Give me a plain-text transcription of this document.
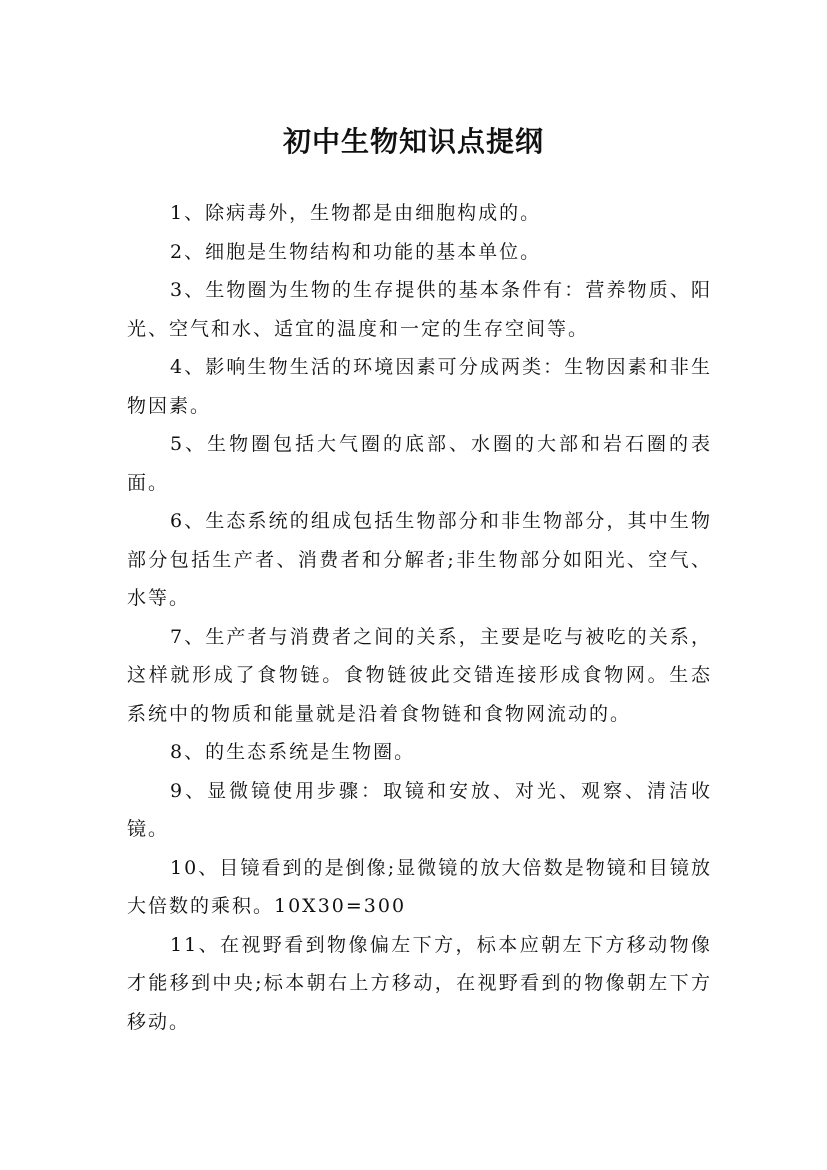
初中生物知识点提纲

1、除病毒外，生物都是由细胞构成的。

2、细胞是生物结构和功能的基本单位。

3、生物圈为生物的生存提供的基本条件有：营养物质、阳光、空气和水、适宜的温度和一定的生存空间等。

4、影响生物生活的环境因素可分成两类：生物因素和非生物因素。

5、生物圈包括大气圈的底部、水圈的大部和岩石圈的表面。

6、生态系统的组成包括生物部分和非生物部分，其中生物部分包括生产者、消费者和分解者;非生物部分如阳光、空气、水等。

7、生产者与消费者之间的关系，主要是吃与被吃的关系，这样就形成了食物链。食物链彼此交错连接形成食物网。生态系统中的物质和能量就是沿着食物链和食物网流动的。

8、的生态系统是生物圈。

9、显微镜使用步骤：取镜和安放、对光、观察、清洁收镜。

10、目镜看到的是倒像;显微镜的放大倍数是物镜和目镜放大倍数的乘积。10X30=300

11、在视野看到物像偏左下方，标本应朝左下方移动物像才能移到中央;标本朝右上方移动，在视野看到的物像朝左下方移动。
